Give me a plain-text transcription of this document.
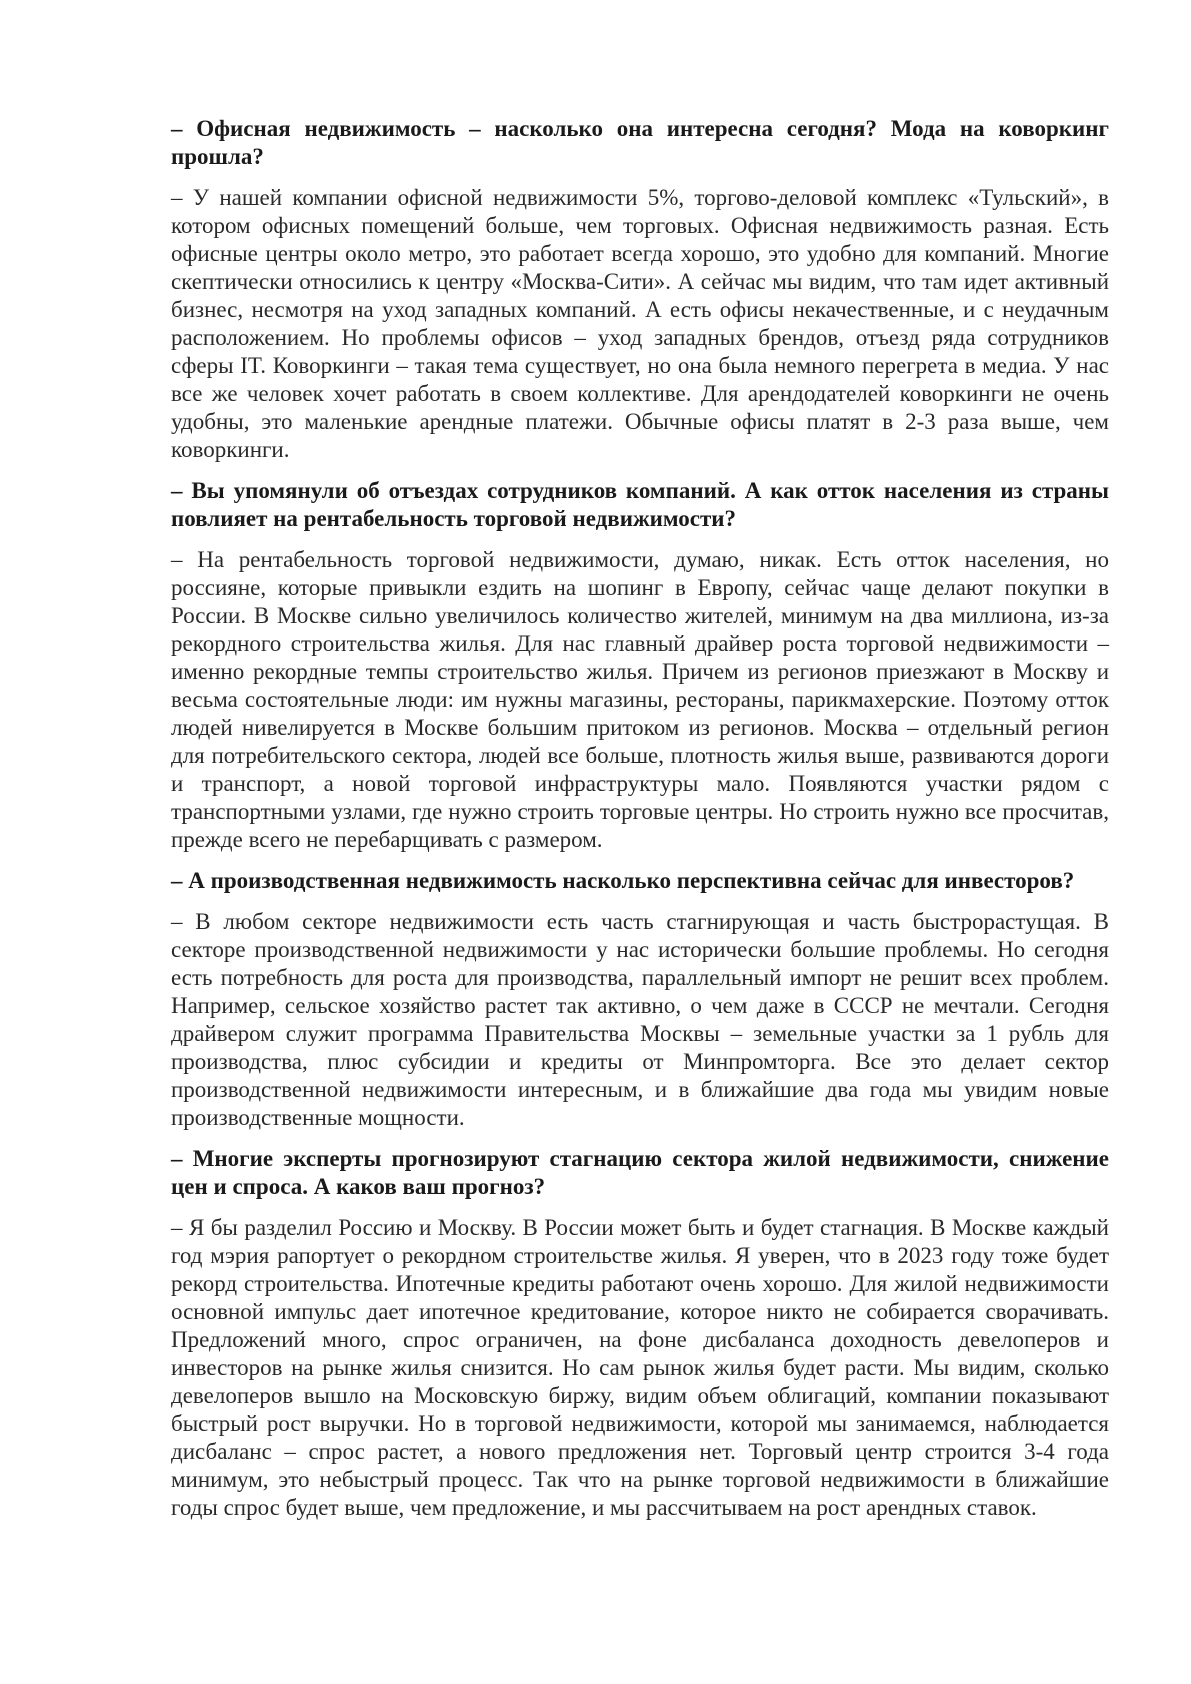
– Офисная недвижимость – насколько она интересна сегодня? Мода на коворкинг прошла?

– У нашей компании офисной недвижимости 5%, торгово-деловой комплекс «Тульский», в котором офисных помещений больше, чем торговых. Офисная недвижимость разная. Есть офисные центры около метро, это работает всегда хорошо, это удобно для компаний. Многие скептически относились к центру «Москва-Сити». А сейчас мы видим, что там идет активный бизнес, несмотря на уход западных компаний. А есть офисы некачественные, и с неудачным расположением. Но проблемы офисов – уход западных брендов, отъезд ряда сотрудников сферы IT. Коворкинги – такая тема существует, но она была немного перегрета в медиа. У нас все же человек хочет работать в своем коллективе. Для арендодателей коворкинги не очень удобны, это маленькие арендные платежи. Обычные офисы платят в 2-3 раза выше, чем коворкинги.

– Вы упомянули об отъездах сотрудников компаний. А как отток населения из страны повлияет на рентабельность торговой недвижимости?

– На рентабельность торговой недвижимости, думаю, никак. Есть отток населения, но россияне, которые привыкли ездить на шопинг в Европу, сейчас чаще делают покупки в России. В Москве сильно увеличилось количество жителей, минимум на два миллиона, из-за рекордного строительства жилья. Для нас главный драйвер роста торговой недвижимости – именно рекордные темпы строительство жилья. Причем из регионов приезжают в Москву и весьма состоятельные люди: им нужны магазины, рестораны, парикмахерские. Поэтому отток людей нивелируется в Москве большим притоком из регионов. Москва – отдельный регион для потребительского сектора, людей все больше, плотность жилья выше, развиваются дороги и транспорт, а новой торговой инфраструктуры мало. Появляются участки рядом с транспортными узлами, где нужно строить торговые центры. Но строить нужно все просчитав, прежде всего не перебарщивать с размером.

– А производственная недвижимость насколько перспективна сейчас для инвесторов?

– В любом секторе недвижимости есть часть стагнирующая и часть быстрорастущая. В секторе производственной недвижимости у нас исторически большие проблемы. Но сегодня есть потребность для роста для производства, параллельный импорт не решит всех проблем. Например, сельское хозяйство растет так активно, о чем даже в СССР не мечтали. Сегодня драйвером служит программа Правительства Москвы – земельные участки за 1 рубль для производства, плюс субсидии и кредиты от Минпромторга. Все это делает сектор производственной недвижимости интересным, и в ближайшие два года мы увидим новые производственные мощности.

– Многие эксперты прогнозируют стагнацию сектора жилой недвижимости, снижение цен и спроса. А каков ваш прогноз?

– Я бы разделил Россию и Москву. В России может быть и будет стагнация. В Москве каждый год мэрия рапортует о рекордном строительстве жилья. Я уверен, что в 2023 году тоже будет рекорд строительства. Ипотечные кредиты работают очень хорошо. Для жилой недвижимости основной импульс дает ипотечное кредитование, которое никто не собирается сворачивать. Предложений много, спрос ограничен, на фоне дисбаланса доходность девелоперов и инвесторов на рынке жилья снизится. Но сам рынок жилья будет расти. Мы видим, сколько девелоперов вышло на Московскую биржу, видим объем облигаций, компании показывают быстрый рост выручки. Но в торговой недвижимости, которой мы занимаемся, наблюдается дисбаланс – спрос растет, а нового предложения нет. Торговый центр строится 3-4 года минимум, это небыстрый процесс. Так что на рынке торговой недвижимости в ближайшие годы спрос будет выше, чем предложение, и мы рассчитываем на рост арендных ставок.
